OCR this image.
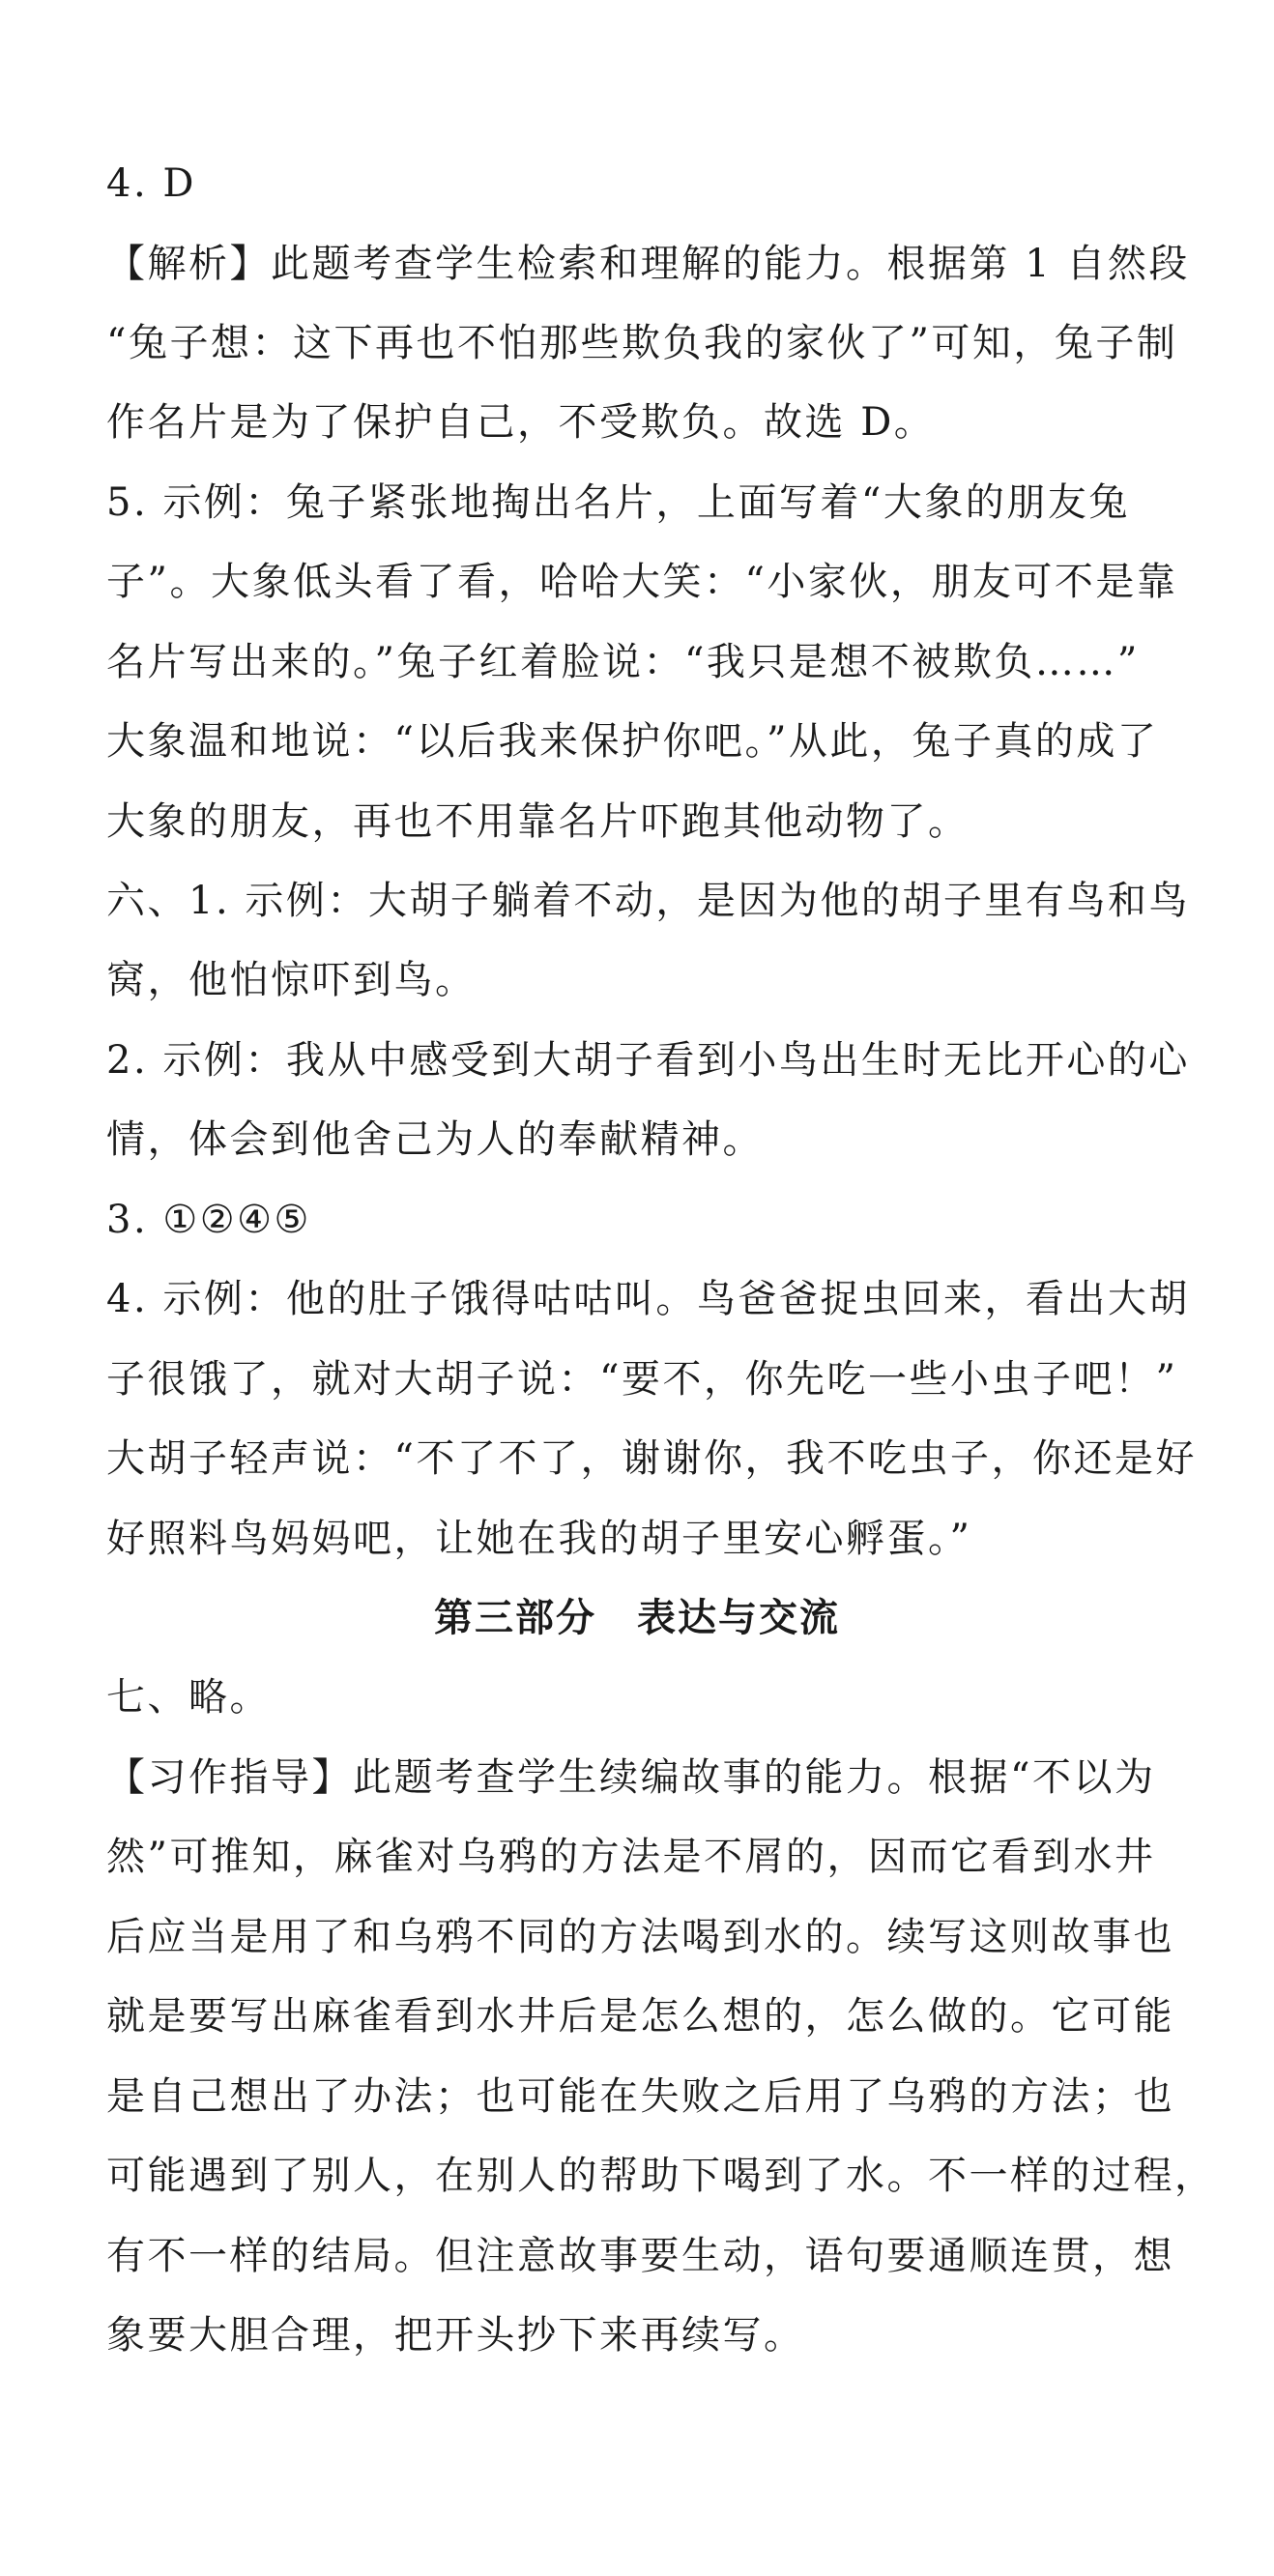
4. D
【解析】此题考查学生检索和理解的能力。根据第 1 自然段
“兔子想：这下再也不怕那些欺负我的家伙了”可知，兔子制
作名片是为了保护自己，不受欺负。故选 D。
5. 示例：兔子紧张地掏出名片，上面写着“大象的朋友兔
子”。大象低头看了看，哈哈大笑：“小家伙，朋友可不是靠
名片写出来的。”兔子红着脸说：“我只是想不被欺负……”
大象温和地说：“以后我来保护你吧。”从此，兔子真的成了
大象的朋友，再也不用靠名片吓跑其他动物了。
六、1. 示例：大胡子躺着不动，是因为他的胡子里有鸟和鸟
窝，他怕惊吓到鸟。
2. 示例：我从中感受到大胡子看到小鸟出生时无比开心的心
情，体会到他舍己为人的奉献精神。
3. ①②④⑤
4. 示例：他的肚子饿得咕咕叫。鸟爸爸捉虫回来，看出大胡
子很饿了，就对大胡子说：“要不，你先吃一些小虫子吧！”
大胡子轻声说：“不了不了，谢谢你，我不吃虫子，你还是好
好照料鸟妈妈吧，让她在我的胡子里安心孵蛋。”
第三部分　表达与交流
七、略。
【习作指导】此题考查学生续编故事的能力。根据“不以为
然”可推知，麻雀对乌鸦的方法是不屑的，因而它看到水井
后应当是用了和乌鸦不同的方法喝到水的。续写这则故事也
就是要写出麻雀看到水井后是怎么想的，怎么做的。它可能
是自己想出了办法；也可能在失败之后用了乌鸦的方法；也
可能遇到了别人，在别人的帮助下喝到了水。不一样的过程，
有不一样的结局。但注意故事要生动，语句要通顺连贯，想
象要大胆合理，把开头抄下来再续写。
